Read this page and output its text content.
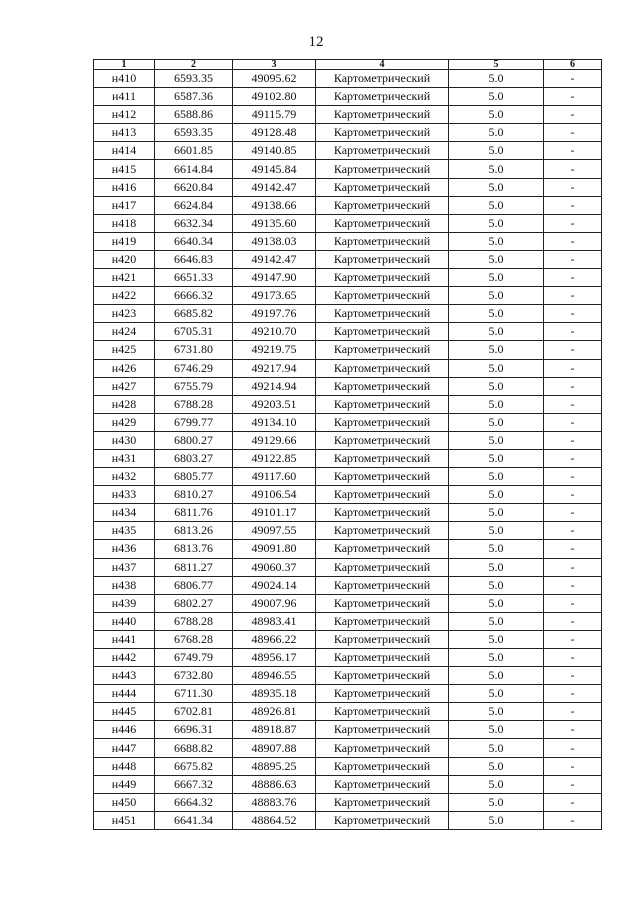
12
1	2	3	4	5	6
н410	6593.35	49095.62	Картометрический	5.0	-
н411	6587.36	49102.80	Картометрический	5.0	-
н412	6588.86	49115.79	Картометрический	5.0	-
н413	6593.35	49128.48	Картометрический	5.0	-
н414	6601.85	49140.85	Картометрический	5.0	-
н415	6614.84	49145.84	Картометрический	5.0	-
н416	6620.84	49142.47	Картометрический	5.0	-
н417	6624.84	49138.66	Картометрический	5.0	-
н418	6632.34	49135.60	Картометрический	5.0	-
н419	6640.34	49138.03	Картометрический	5.0	-
н420	6646.83	49142.47	Картометрический	5.0	-
н421	6651.33	49147.90	Картометрический	5.0	-
н422	6666.32	49173.65	Картометрический	5.0	-
н423	6685.82	49197.76	Картометрический	5.0	-
н424	6705.31	49210.70	Картометрический	5.0	-
н425	6731.80	49219.75	Картометрический	5.0	-
н426	6746.29	49217.94	Картометрический	5.0	-
н427	6755.79	49214.94	Картометрический	5.0	-
н428	6788.28	49203.51	Картометрический	5.0	-
н429	6799.77	49134.10	Картометрический	5.0	-
н430	6800.27	49129.66	Картометрический	5.0	-
н431	6803.27	49122.85	Картометрический	5.0	-
н432	6805.77	49117.60	Картометрический	5.0	-
н433	6810.27	49106.54	Картометрический	5.0	-
н434	6811.76	49101.17	Картометрический	5.0	-
н435	6813.26	49097.55	Картометрический	5.0	-
н436	6813.76	49091.80	Картометрический	5.0	-
н437	6811.27	49060.37	Картометрический	5.0	-
н438	6806.77	49024.14	Картометрический	5.0	-
н439	6802.27	49007.96	Картометрический	5.0	-
н440	6788.28	48983.41	Картометрический	5.0	-
н441	6768.28	48966.22	Картометрический	5.0	-
н442	6749.79	48956.17	Картометрический	5.0	-
н443	6732.80	48946.55	Картометрический	5.0	-
н444	6711.30	48935.18	Картометрический	5.0	-
н445	6702.81	48926.81	Картометрический	5.0	-
н446	6696.31	48918.87	Картометрический	5.0	-
н447	6688.82	48907.88	Картометрический	5.0	-
н448	6675.82	48895.25	Картометрический	5.0	-
н449	6667.32	48886.63	Картометрический	5.0	-
н450	6664.32	48883.76	Картометрический	5.0	-
н451	6641.34	48864.52	Картометрический	5.0	-
